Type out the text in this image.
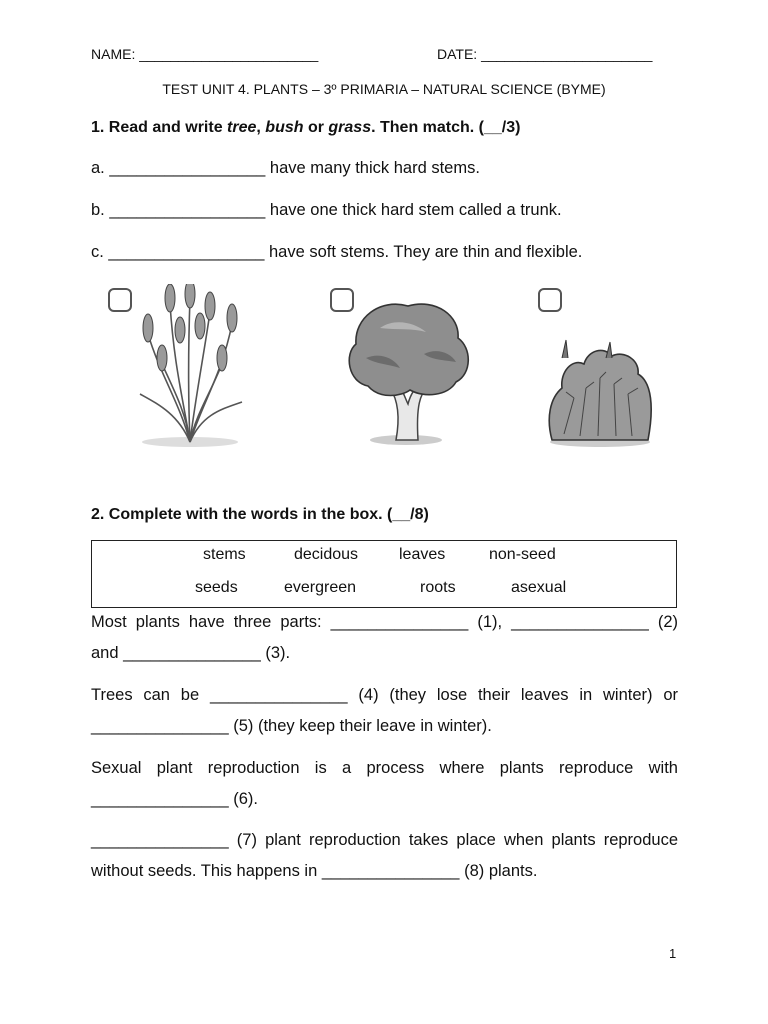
NAME: _______________________	DATE: ______________________
TEST UNIT 4. PLANTS – 3º PRIMARIA – NATURAL SCIENCE (BYME)
1. Read and write tree, bush or grass. Then match. (__/3)
a. _________________ have many thick hard stems.
b. _________________ have one thick hard stem called a trunk.
c. _________________ have soft stems. They are thin and flexible.
2. Complete with the words in the box. (__/8)
stems	decidous	leaves	non-seed
seeds	evergreen	roots	asexual
Most plants have three parts: _______________ (1), _______________ (2)
and _______________ (3).
Trees can be _______________ (4) (they lose their leaves in winter) or
_______________ (5) (they keep their leave in winter).
Sexual plant reproduction is a process where plants reproduce with
_______________ (6).
_______________ (7) plant reproduction takes place when plants reproduce
without seeds. This happens in _______________ (8) plants.
1
